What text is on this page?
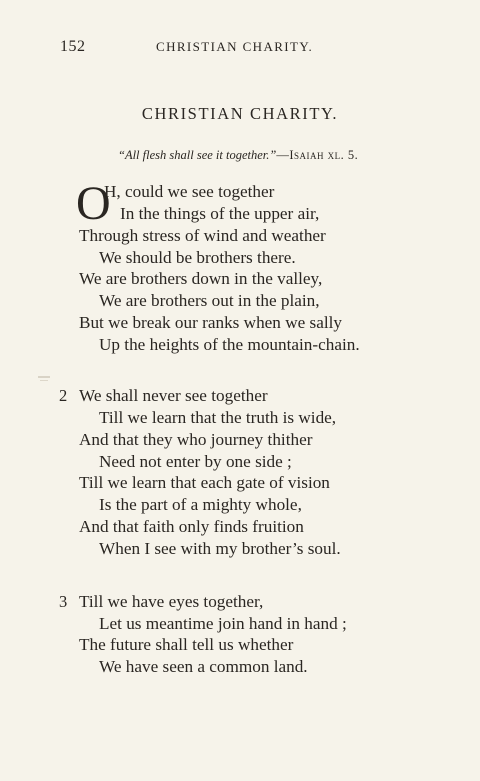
152	CHRISTIAN CHARITY.
CHRISTIAN CHARITY.
“All flesh shall see it together.”—Isaiah xl. 5.
O
H, could we see together
In the things of the upper air,
Through stress of wind and weather
We should be brothers there.
We are brothers down in the valley,
We are brothers out in the plain,
But we break our ranks when we sally
Up the heights of the mountain-chain.
2 We shall never see together
Till we learn that the truth is wide,
And that they who journey thither
Need not enter by one side ;
Till we learn that each gate of vision
Is the part of a mighty whole,
And that faith only finds fruition
When I see with my brother’s soul.
3 Till we have eyes together,
Let us meantime join hand in hand ;
The future shall tell us whether
We have seen a common land.
